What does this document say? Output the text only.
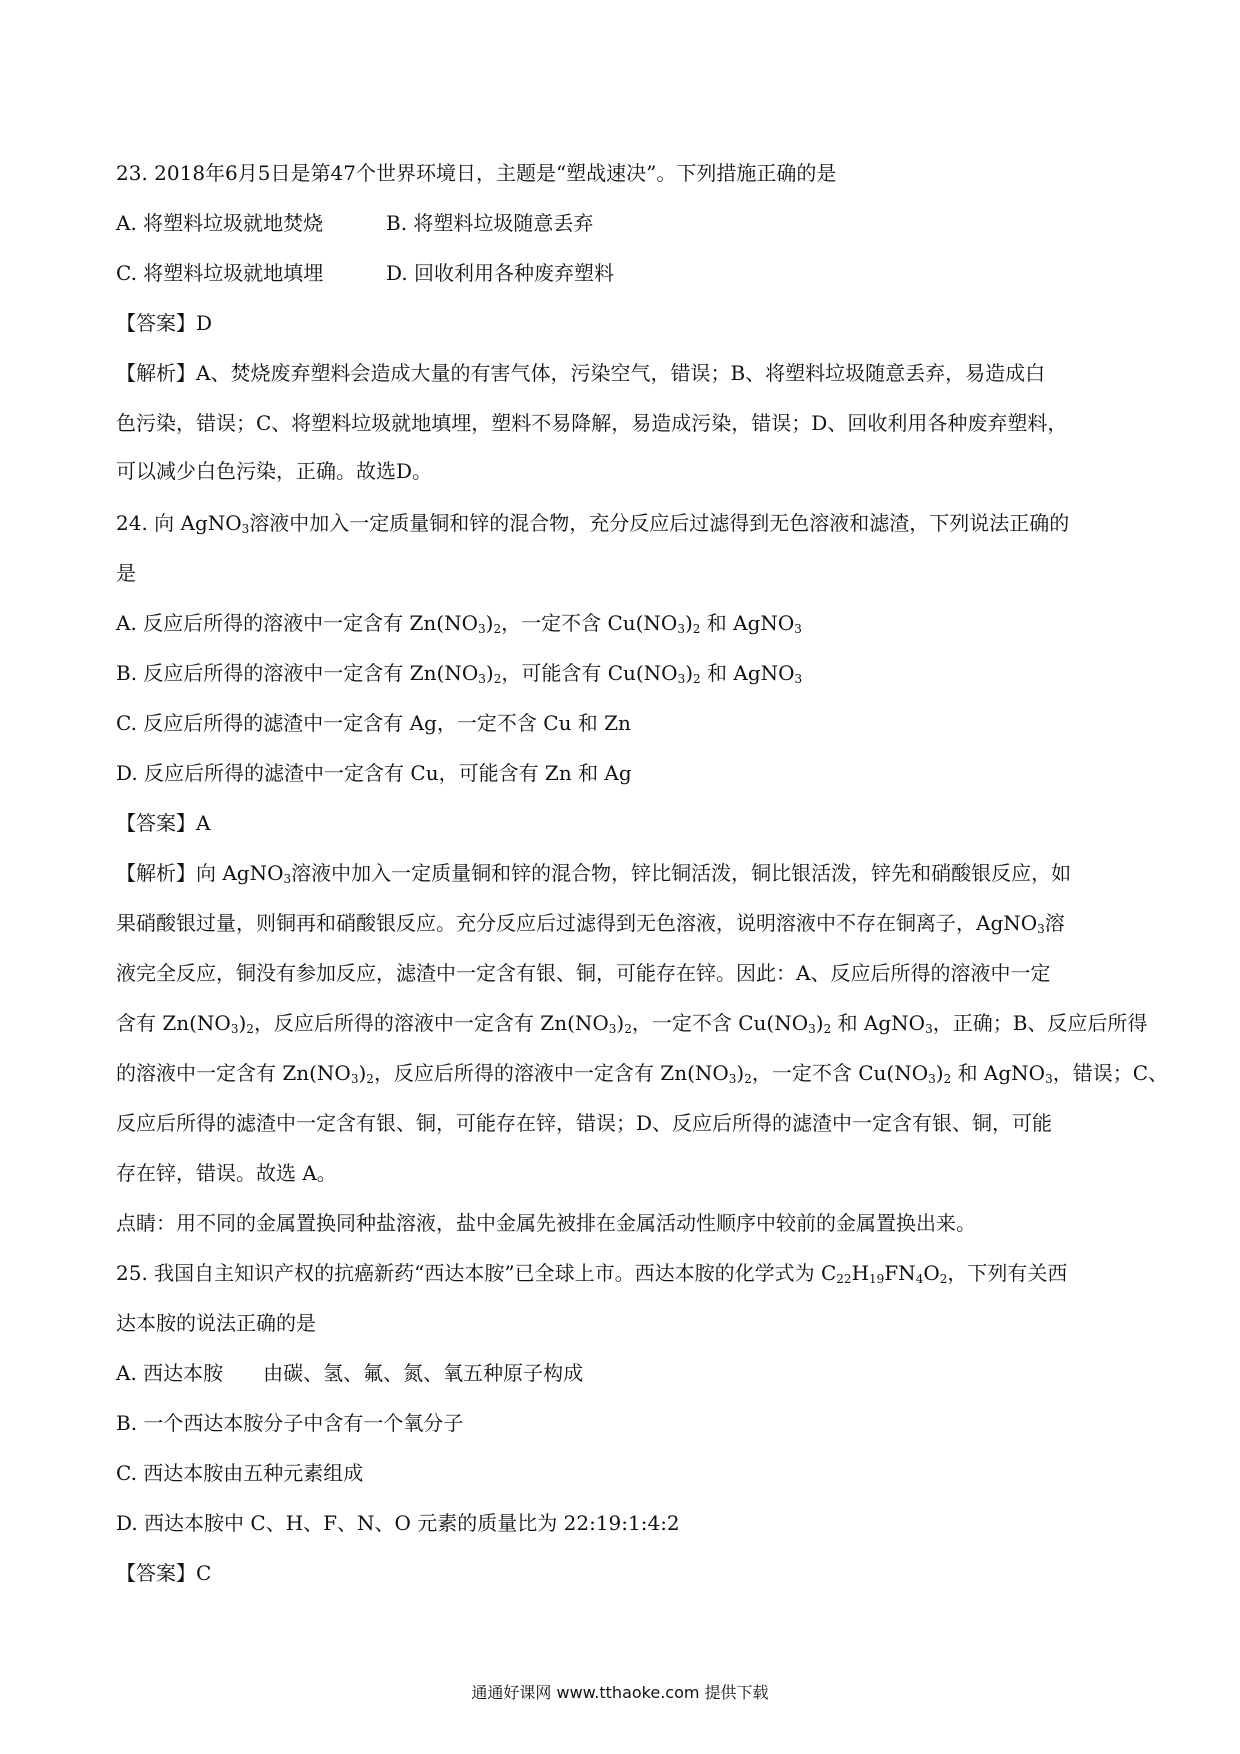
23. 2018年6月5日是第47个世界环境日，主题是“塑战速决”。下列措施正确的是
A. 将塑料垃圾就地焚烧	B. 将塑料垃圾随意丢弃
C. 将塑料垃圾就地填埋	D. 回收利用各种废弃塑料
【答案】D
【解析】A、焚烧废弃塑料会造成大量的有害气体，污染空气，错误；B、将塑料垃圾随意丢弃，易造成白
色污染，错误；C、将塑料垃圾就地填埋，塑料不易降解，易造成污染，错误；D、回收利用各种废弃塑料，
可以减少白色污染，正确。故选D。
24. 向 AgNO$_3$溶液中加入一定质量铜和锌的混合物，充分反应后过滤得到无色溶液和滤渣，下列说法正确的
是
A. 反应后所得的溶液中一定含有 $Zn(NO_3)_2$，一定不含 $Cu(NO_3)_2$ 和 AgNO$_3$
B. 反应后所得的溶液中一定含有 $Zn(NO_3)_2$，可能含有 $Cu(NO_3)_2$ 和 AgNO$_3$
C. 反应后所得的滤渣中一定含有 Ag，一定不含 Cu 和 Zn
D. 反应后所得的滤渣中一定含有 Cu，可能含有 Zn 和 Ag
【答案】A
【解析】向 AgNO$_3$溶液中加入一定质量铜和锌的混合物，锌比铜活泼，铜比银活泼，锌先和硝酸银反应，如
果硝酸银过量，则铜再和硝酸银反应。充分反应后过滤得到无色溶液，说明溶液中不存在铜离子，AgNO$_3$溶
液完全反应，铜没有参加反应，滤渣中一定含有银、铜，可能存在锌。因此：A、反应后所得的溶液中一定
含有 $Zn(NO_3)_2$，反应后所得的溶液中一定含有 $Zn(NO_3)_2$，一定不含 $Cu(NO_3)_2$ 和 AgNO$_3$，正确；B、反应后所得
的溶液中一定含有 $Zn(NO_3)_2$，反应后所得的溶液中一定含有 $Zn(NO_3)_2$，一定不含 $Cu(NO_3)_2$ 和 AgNO$_3$，错误；C、
反应后所得的滤渣中一定含有银、铜，可能存在锌，错误；D、反应后所得的滤渣中一定含有银、铜，可能
存在锌，错误。故选 A。
点睛：用不同的金属置换同种盐溶液，盐中金属先被排在金属活动性顺序中较前的金属置换出来。
25. 我国自主知识产权的抗癌新药“西达本胺”已全球上市。西达本胺的化学式为 $C_{22}H_{19}FN_4O_2$，下列有关西
达本胺的说法正确的是
A. 西达本胺　　由碳、氢、氟、氮、氧五种原子构成
B. 一个西达本胺分子中含有一个氧分子
C. 西达本胺由五种元素组成
D. 西达本胺中 C、H、F、N、O 元素的质量比为 22:19:1:4:2
【答案】C
通通好课网 www.tthaoke.com 提供下载
